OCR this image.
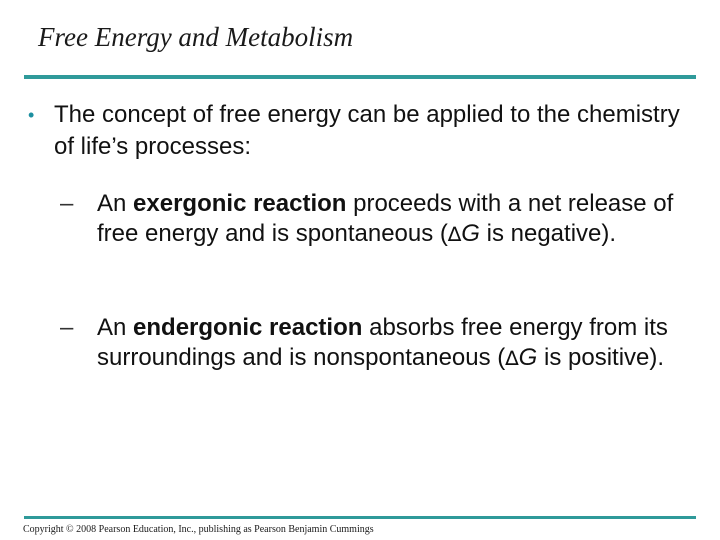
Free Energy and Metabolism
• The concept of free energy can be applied to the chemistry of life’s processes:
– An exergonic reaction proceeds with a net release of free energy and is spontaneous (∆G is negative).
– An endergonic reaction absorbs free energy from its surroundings and is nonspontaneous (∆G is positive).
Copyright © 2008 Pearson Education, Inc., publishing as Pearson Benjamin Cummings
